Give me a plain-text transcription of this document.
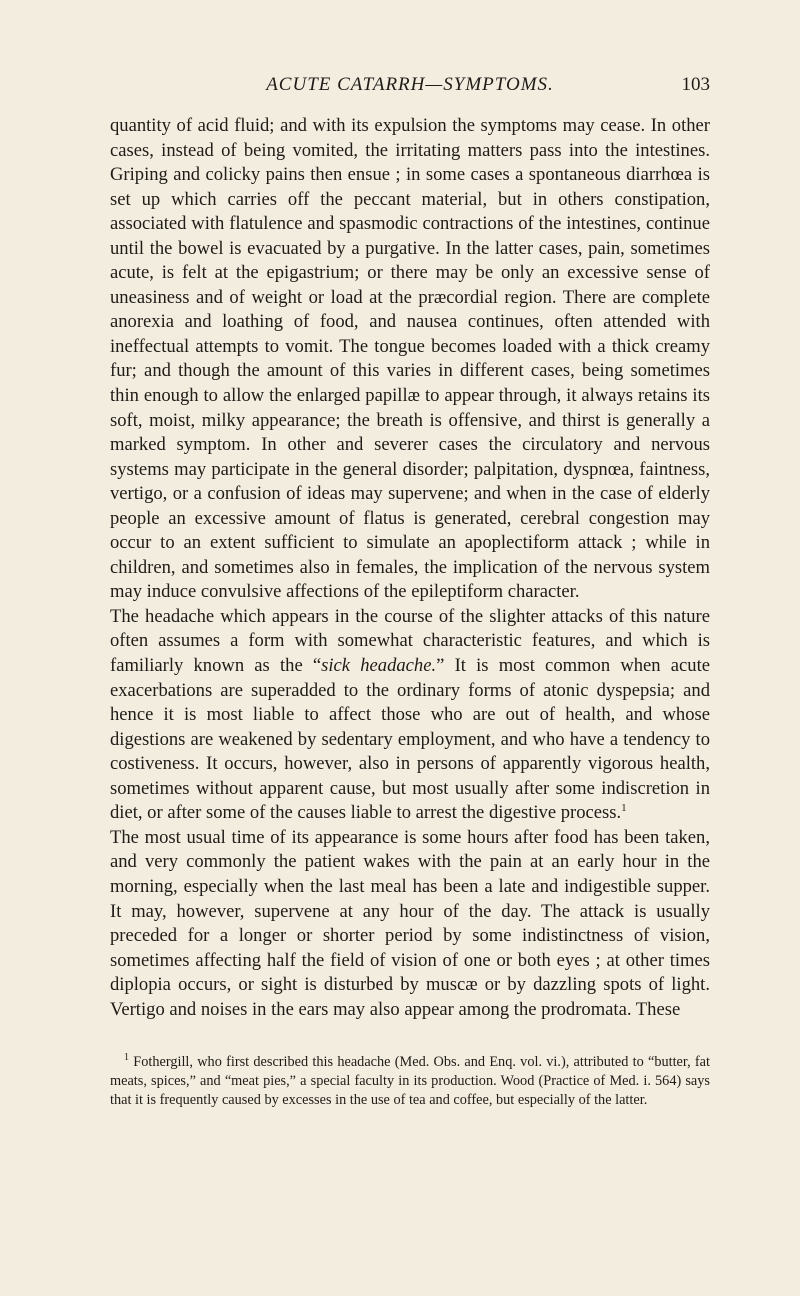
ACUTE CATARRH—SYMPTOMS.	103

quantity of acid fluid; and with its expulsion the symptoms may cease. In other cases, instead of being vomited, the irritating matters pass into the intestines. Griping and colicky pains then ensue ; in some cases a spontaneous diarrhœa is set up which carries off the peccant material, but in others constipation, associated with flatulence and spasmodic contractions of the intestines, continue until the bowel is evacuated by a purgative. In the latter cases, pain, sometimes acute, is felt at the epigastrium; or there may be only an excessive sense of uneasiness and of weight or load at the præcordial region. There are complete anorexia and loathing of food, and nausea continues, often attended with ineffectual attempts to vomit. The tongue becomes loaded with a thick creamy fur; and though the amount of this varies in different cases, being sometimes thin enough to allow the enlarged papillæ to appear through, it always retains its soft, moist, milky appearance; the breath is offensive, and thirst is generally a marked symptom. In other and severer cases the circulatory and nervous systems may participate in the general disorder; palpitation, dyspnœa, faintness, vertigo, or a confusion of ideas may supervene; and when in the case of elderly people an excessive amount of flatus is generated, cerebral congestion may occur to an extent sufficient to simulate an apoplectiform attack ; while in children, and sometimes also in females, the implication of the nervous system may induce convulsive affections of the epileptiform character.

The headache which appears in the course of the slighter attacks of this nature often assumes a form with somewhat characteristic features, and which is familiarly known as the “sick headache.” It is most common when acute exacerbations are superadded to the ordinary forms of atonic dyspepsia; and hence it is most liable to affect those who are out of health, and whose digestions are weakened by sedentary employment, and who have a tendency to costiveness. It occurs, however, also in persons of apparently vigorous health, sometimes without apparent cause, but most usually after some indiscretion in diet, or after some of the causes liable to arrest the digestive process.$^1$

The most usual time of its appearance is some hours after food has been taken, and very commonly the patient wakes with the pain at an early hour in the morning, especially when the last meal has been a late and indigestible supper. It may, however, supervene at any hour of the day. The attack is usually preceded for a longer or shorter period by some indistinctness of vision, sometimes affecting half the field of vision of one or both eyes ; at other times diplopia occurs, or sight is disturbed by muscæ or by dazzling spots of light. Vertigo and noises in the ears may also appear among the prodromata. These

$^1$ Fothergill, who first described this headache (Med. Obs. and Enq. vol. vi.), attributed to “butter, fat meats, spices,” and “meat pies,” a special faculty in its production. Wood (Practice of Med. i. 564) says that it is frequently caused by excesses in the use of tea and coffee, but especially of the latter.
